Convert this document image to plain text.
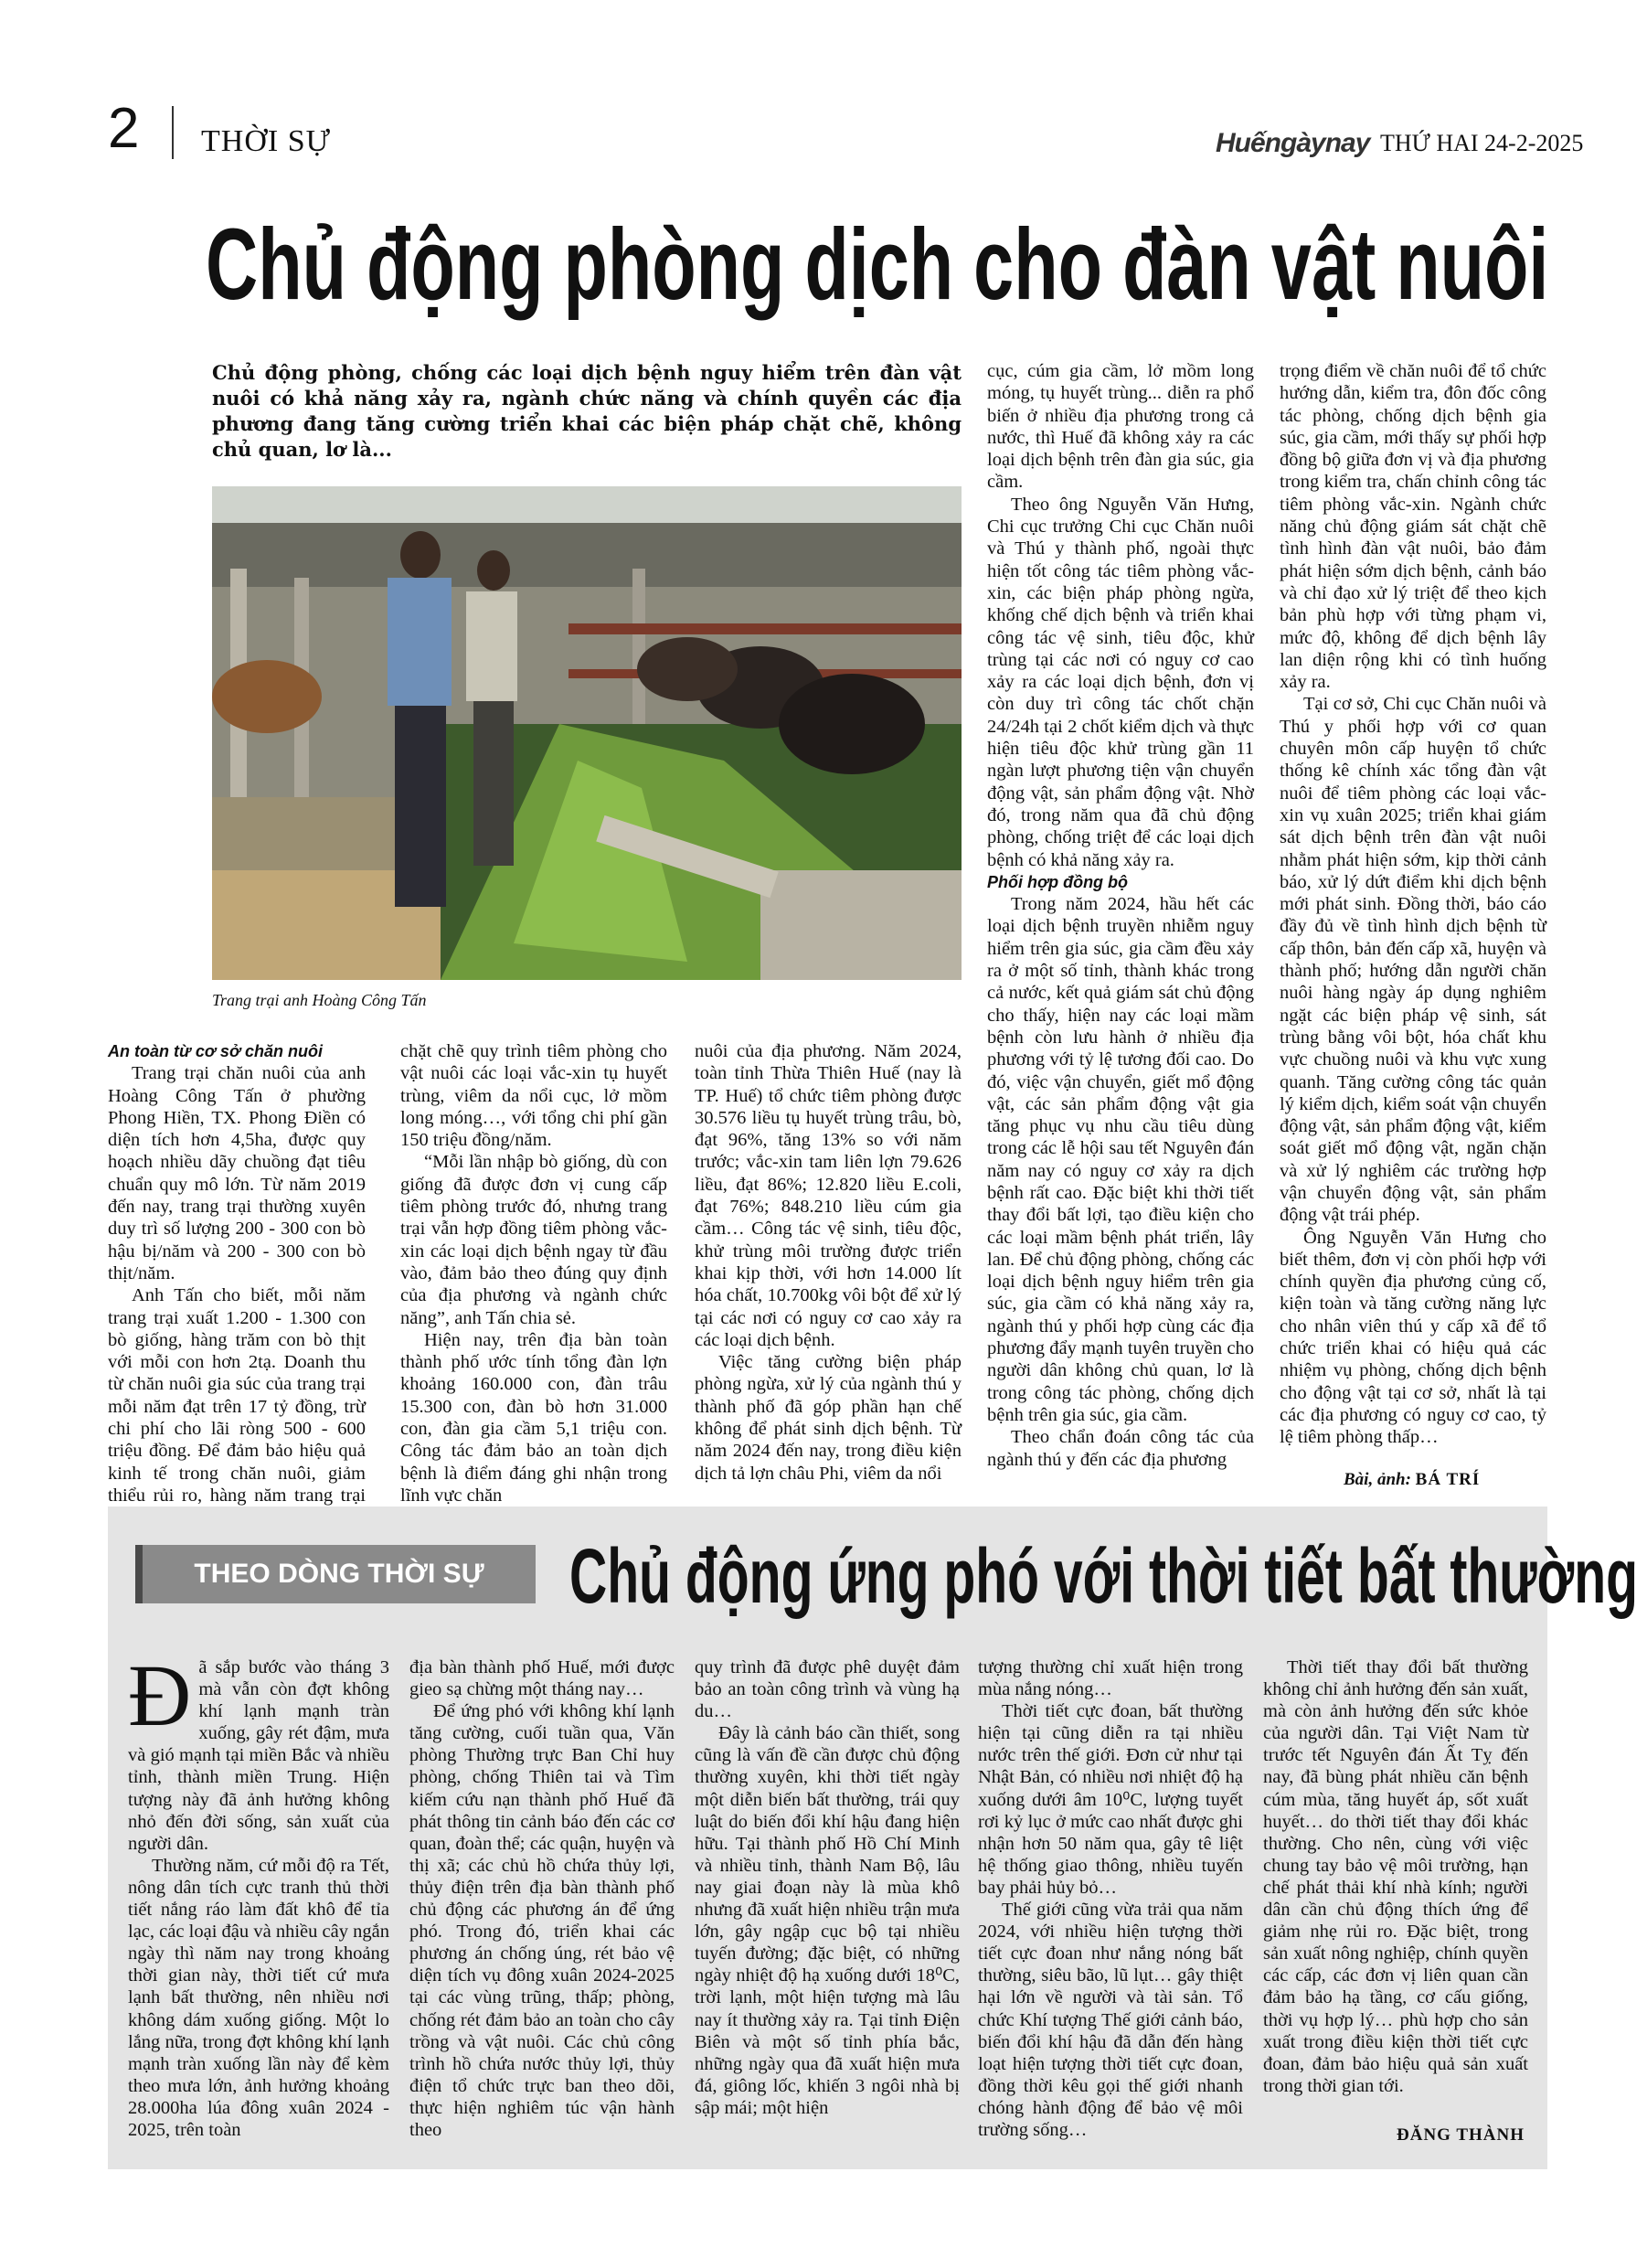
2 THỜI SỰ	Huếngàynay THỨ HAI 24-2-2025
Chủ động phòng dịch cho đàn vật nuôi
Chủ động phòng, chống các loại dịch bệnh nguy hiểm trên đàn vật nuôi có khả năng xảy ra, ngành chức năng và chính quyền các địa phương đang tăng cường triển khai các biện pháp chặt chẽ, không chủ quan, lơ là...
Trang trại anh Hoàng Công Tấn

An toàn từ cơ sở chăn nuôi

Trang trại chăn nuôi của anh Hoàng Công Tấn ở phường Phong Hiền, TX. Phong Điền có diện tích hơn 4,5ha, được quy hoạch nhiều dãy chuồng đạt tiêu chuẩn quy mô lớn. Từ năm 2019 đến nay, trang trại thường xuyên duy trì số lượng 200 - 300 con bò hậu bị/năm và 200 - 300 con bò thịt/năm.

Anh Tấn cho biết, mỗi năm trang trại xuất 1.200 - 1.300 con bò giống, hàng trăm con bò thịt với mỗi con hơn 2tạ. Doanh thu từ chăn nuôi gia súc của trang trại mỗi năm đạt trên 17 tỷ đồng, trừ chi phí cho lãi ròng 500 - 600 triệu đồng. Để đảm bảo hiệu quả kinh tế trong chăn nuôi, giảm thiểu rủi ro, hàng năm trang trại

chặt chẽ quy trình tiêm phòng cho vật nuôi các loại vắc-xin tụ huyết trùng, viêm da nổi cục, lở mồm long móng…, với tổng chi phí gần 150 triệu đồng/năm.

“Mỗi lần nhập bò giống, dù con giống đã được đơn vị cung cấp tiêm phòng trước đó, nhưng trang trại vẫn hợp đồng tiêm phòng vắc-xin các loại dịch bệnh ngay từ đầu vào, đảm bảo theo đúng quy định của địa phương và ngành chức năng”, anh Tấn chia sẻ.

Hiện nay, trên địa bàn toàn thành phố ước tính tổng đàn lợn khoảng 160.000 con, đàn trâu 15.300 con, đàn bò hơn 31.000 con, đàn gia cầm 5,1 triệu con. Công tác đảm bảo an toàn dịch bệnh là điểm đáng ghi nhận trong lĩnh vực chăn

nuôi của địa phương. Năm 2024, toàn tỉnh Thừa Thiên Huế (nay là TP. Huế) tổ chức tiêm phòng được 30.576 liều tụ huyết trùng trâu, bò, đạt 96%, tăng 13% so với năm trước; vắc-xin tam liên lợn 79.626 liều, đạt 86%; 12.820 liều E.coli, đạt 76%; 848.210 liều cúm gia cầm… Công tác vệ sinh, tiêu độc, khử trùng môi trường được triển khai kịp thời, với hơn 14.000 lít hóa chất, 10.700kg vôi bột để xử lý tại các nơi có nguy cơ cao xảy ra các loại dịch bệnh.

Việc tăng cường biện pháp phòng ngừa, xử lý của ngành thú y thành phố đã góp phần hạn chế không để phát sinh dịch bệnh. Từ năm 2024 đến nay, trong điều kiện dịch tả lợn châu Phi, viêm da nổi

cục, cúm gia cầm, lở mồm long móng, tụ huyết trùng... diễn ra phổ biến ở nhiều địa phương trong cả nước, thì Huế đã không xảy ra các loại dịch bệnh trên đàn gia súc, gia cầm.

Theo ông Nguyễn Văn Hưng, Chi cục trưởng Chi cục Chăn nuôi và Thú y thành phố, ngoài thực hiện tốt công tác tiêm phòng vắc-xin, các biện pháp phòng ngừa, khống chế dịch bệnh và triển khai công tác vệ sinh, tiêu độc, khử trùng tại các nơi có nguy cơ cao xảy ra các loại dịch bệnh, đơn vị còn duy trì công tác chốt chặn 24/24h tại 2 chốt kiểm dịch và thực hiện tiêu độc khử trùng gần 11 ngàn lượt phương tiện vận chuyển động vật, sản phẩm động vật. Nhờ đó, trong năm qua đã chủ động phòng, chống triệt để các loại dịch bệnh có khả năng xảy ra.

Phối hợp đồng bộ

Trong năm 2024, hầu hết các loại dịch bệnh truyền nhiễm nguy hiểm trên gia súc, gia cầm đều xảy ra ở một số tỉnh, thành khác trong cả nước, kết quả giám sát chủ động cho thấy, hiện nay các loại mầm bệnh còn lưu hành ở nhiều địa phương với tỷ lệ tương đối cao. Do đó, việc vận chuyển, giết mổ động vật, các sản phẩm động vật gia tăng phục vụ nhu cầu tiêu dùng trong các lễ hội sau tết Nguyên đán năm nay có nguy cơ xảy ra dịch bệnh rất cao. Đặc biệt khi thời tiết thay đổi bất lợi, tạo điều kiện cho các loại mầm bệnh phát triển, lây lan. Để chủ động phòng, chống các loại dịch bệnh nguy hiểm trên gia súc, gia cầm có khả năng xảy ra, ngành thú y phối hợp cùng các địa phương đẩy mạnh tuyên truyền cho người dân không chủ quan, lơ là trong công tác phòng, chống dịch bệnh trên gia súc, gia cầm.

Theo chẩn đoán công tác của ngành thú y đến các địa phương

trọng điểm về chăn nuôi để tổ chức hướng dẫn, kiểm tra, đôn đốc công tác phòng, chống dịch bệnh gia súc, gia cầm, mới thấy sự phối hợp đồng bộ giữa đơn vị và địa phương trong kiểm tra, chấn chỉnh công tác tiêm phòng vắc-xin. Ngành chức năng chủ động giám sát chặt chẽ tình hình đàn vật nuôi, bảo đảm phát hiện sớm dịch bệnh, cảnh báo và chỉ đạo xử lý triệt để theo kịch bản phù hợp với từng phạm vi, mức độ, không để dịch bệnh lây lan diện rộng khi có tình huống xảy ra.

Tại cơ sở, Chi cục Chăn nuôi và Thú y phối hợp với cơ quan chuyên môn cấp huyện tổ chức thống kê chính xác tổng đàn vật nuôi để tiêm phòng các loại vắc-xin vụ xuân 2025; triển khai giám sát dịch bệnh trên đàn vật nuôi nhằm phát hiện sớm, kịp thời cảnh báo, xử lý dứt điểm khi dịch bệnh mới phát sinh. Đồng thời, báo cáo đầy đủ về tình hình dịch bệnh từ cấp thôn, bản đến cấp xã, huyện và thành phố; hướng dẫn người chăn nuôi hàng ngày áp dụng nghiêm ngặt các biện pháp vệ sinh, sát trùng bằng vôi bột, hóa chất khu vực chuồng nuôi và khu vực xung quanh. Tăng cường công tác quản lý kiểm dịch, kiểm soát vận chuyển động vật, sản phẩm động vật, kiểm soát giết mổ động vật, ngăn chặn và xử lý nghiêm các trường hợp vận chuyển động vật, sản phẩm động vật trái phép.

Ông Nguyễn Văn Hưng cho biết thêm, đơn vị còn phối hợp với chính quyền địa phương củng cố, kiện toàn và tăng cường năng lực cho nhân viên thú y cấp xã để tổ chức triển khai có hiệu quả các nhiệm vụ phòng, chống dịch bệnh cho động vật tại cơ sở, nhất là tại các địa phương có nguy cơ cao, tỷ lệ tiêm phòng thấp…

Bài, ảnh: BÁ TRÍ
THEO DÒNG THỜI SỰ	Chủ động ứng phó với thời tiết bất thường
Đ ã sắp bước vào tháng 3 mà vẫn còn đợt không khí lạnh mạnh tràn xuống, gây rét đậm, mưa và gió mạnh tại miền Bắc và nhiều tỉnh, thành miền Trung. Hiện tượng này đã ảnh hưởng không nhỏ đến đời sống, sản xuất của người dân.

Thường năm, cứ mỗi độ ra Tết, nông dân tích cực tranh thủ thời tiết nắng ráo làm đất khô để tỉa lạc, các loại đậu và nhiều cây ngắn ngày thì năm nay trong khoảng thời gian này, thời tiết cứ mưa lạnh bất thường, nên nhiều nơi không dám xuống giống. Một lo lắng nữa, trong đợt không khí lạnh mạnh tràn xuống lần này để kèm theo mưa lớn, ảnh hưởng khoảng 28.000ha lúa đông xuân 2024 - 2025, trên toàn

địa bàn thành phố Huế, mới được gieo sạ chừng một tháng nay…

Để ứng phó với không khí lạnh tăng cường, cuối tuần qua, Văn phòng Thường trực Ban Chỉ huy phòng, chống Thiên tai và Tìm kiếm cứu nạn thành phố Huế đã phát thông tin cảnh báo đến các cơ quan, đoàn thể; các quận, huyện và thị xã; các chủ hồ chứa thủy lợi, thủy điện trên địa bàn thành phố chủ động các phương án để ứng phó. Trong đó, triển khai các phương án chống úng, rét bảo vệ diện tích vụ đông xuân 2024-2025 tại các vùng trũng, thấp; phòng, chống rét đảm bảo an toàn cho cây trồng và vật nuôi. Các chủ công trình hồ chứa nước thủy lợi, thủy điện tổ chức trực ban theo dõi, thực hiện nghiêm túc vận hành theo

quy trình đã được phê duyệt đảm bảo an toàn công trình và vùng hạ du…

Đây là cảnh báo cần thiết, song cũng là vấn đề cần được chủ động thường xuyên, khi thời tiết ngày một diễn biến bất thường, trái quy luật do biến đổi khí hậu đang hiện hữu. Tại thành phố Hồ Chí Minh và nhiều tỉnh, thành Nam Bộ, lâu nay giai đoạn này là mùa khô nhưng đã xuất hiện nhiều trận mưa lớn, gây ngập cục bộ tại nhiều tuyến đường; đặc biệt, có những ngày nhiệt độ hạ xuống dưới 18⁰C, trời lạnh, một hiện tượng mà lâu nay ít thường xảy ra. Tại tỉnh Điện Biên và một số tỉnh phía bắc, những ngày qua đã xuất hiện mưa đá, giông lốc, khiến 3 ngôi nhà bị sập mái; một hiện

tượng thường chỉ xuất hiện trong mùa nắng nóng…

Thời tiết cực đoan, bất thường hiện tại cũng diễn ra tại nhiều nước trên thế giới. Đơn cử như tại Nhật Bản, có nhiều nơi nhiệt độ hạ xuống dưới âm 10⁰C, lượng tuyết rơi kỷ lục ở mức cao nhất được ghi nhận hơn 50 năm qua, gây tê liệt hệ thống giao thông, nhiều tuyến bay phải hủy bỏ…

Thế giới cũng vừa trải qua năm 2024, với nhiều hiện tượng thời tiết cực đoan như nắng nóng bất thường, siêu bão, lũ lụt… gây thiệt hại lớn về người và tài sản. Tổ chức Khí tượng Thế giới cảnh báo, biến đổi khí hậu đã dẫn đến hàng loạt hiện tượng thời tiết cực đoan, đồng thời kêu gọi thế giới nhanh chóng hành động để bảo vệ môi trường sống…

Thời tiết thay đổi bất thường không chỉ ảnh hưởng đến sản xuất, mà còn ảnh hưởng đến sức khỏe của người dân. Tại Việt Nam từ trước tết Nguyên đán Ất Tỵ đến nay, đã bùng phát nhiều căn bệnh cúm mùa, tăng huyết áp, sốt xuất huyết… do thời tiết thay đổi khác thường. Cho nên, cùng với việc chung tay bảo vệ môi trường, hạn chế phát thải khí nhà kính; người dân cần chủ động thích ứng để giảm nhẹ rủi ro. Đặc biệt, trong sản xuất nông nghiệp, chính quyền các cấp, các đơn vị liên quan cần đảm bảo hạ tầng, cơ cấu giống, thời vụ hợp lý… phù hợp cho sản xuất trong điều kiện thời tiết cực đoan, đảm bảo hiệu quả sản xuất trong thời gian tới.

ĐĂNG THÀNH
